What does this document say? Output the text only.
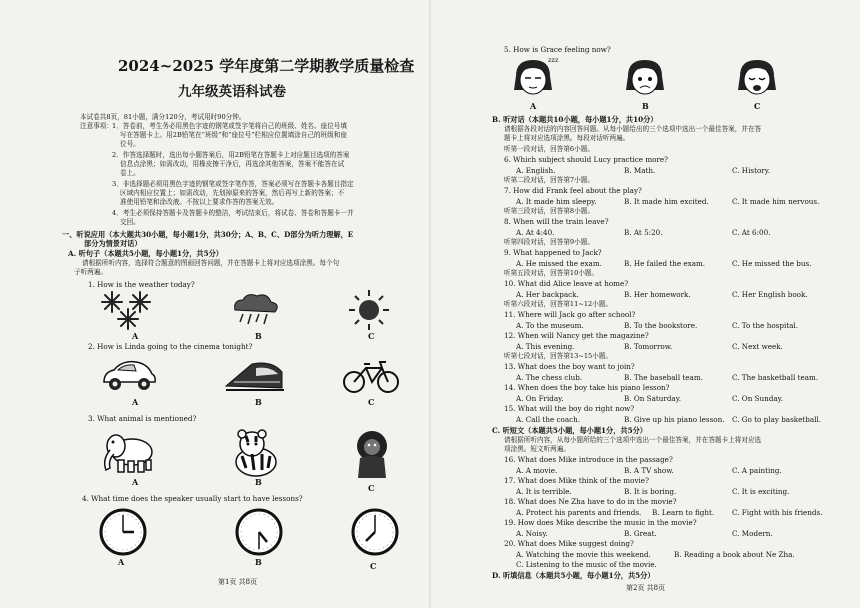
2024~2025 学年度第二学期教学质量检查
九年级英语科试卷
本试卷共8页，81小题，满分120分，考试用时90分钟。
注意事项： 1．答卷前，考生务必用黑色字迹的钢笔或签字笔将自己的班级、姓名、座位号填
写在答题卡上。用2B铅笔在“班级”和“座位号”栏相应位置填涂自己的班级和座
位号。
2．作答选择题时，选出每小题答案后，用2B铅笔在答题卡上对应题目选项的答案
信息点涂黑；如需改动，用橡皮擦干净后，再选涂其他答案，答案不能答在试
卷上。
3．非选择题必须用黑色字迹的钢笔或签字笔作答，答案必须写在答题卡各题目指定
区域内相应位置上；如需改动，先划掉原来的答案，然后再写上新的答案；不
准使用铅笔和涂改液。不按以上要求作答的答案无效。
4．考生必须保持答题卡及答题卡的整洁，考试结束后，将试卷、答卷和答题卡一并
交回。
一、听说应用（本大题共30小题，每小题1分，共30分；A、B、C、D部分为听力理解，E
部分为情景对话）
A. 听句子（本题共5小题，每小题1分，共5分）
请根据所听内容，选择符合题意的图画回答问题，并在答题卡上将对应选项涂黑。每个句
子听两遍。
1. How is the weather today?
A	B	C
2. How is Linda going to the cinema tonight?
A	B	C
3. What animal is mentioned?
A	B
C
4. What time does the speaker usually start to have lessons?
A	B	C
第1页 共8页
5. How is Grace feeling now?
zzz
A	B	C
B. 听对话（本题共10小题，每小题1分，共10分）
请根据各段对话的内容回答问题。从每小题给出的三个选项中选出一个最佳答案，并在答
题卡上将对应选项涂黑。每段对话听两遍。
听第一段对话，回答第6小题。
6. Which subject should Lucy practice more?
A. English.	B. Math.	C. History.
听第二段对话，回答第7小题。
7. How did Frank feel about the play?
A. It made him sleepy.	B. It made him excited.	C. It made him nervous.
听第三段对话，回答第8小题。
8. When will the train leave?
A. At 4:40.	B. At 5:20.	C. At 6:00.
听第四段对话，回答第9小题。
9. What happened to Jack?
A. He missed the exam.	B. He failed the exam.	C. He missed the bus.
听第五段对话，回答第10小题。
10. What did Alice leave at home?
A. Her backpack.	B. Her homework.	C. Her English book.
听第六段对话，回答第11~12小题。
11. Where will Jack go after school?
A. To the museum.	B. To the bookstore.	C. To the hospital.
12. When will Nancy get the magazine?
A. This evening.	B. Tomorrow.	C. Next week.
听第七段对话，回答第13~15小题。
13. What does the boy want to join?
A. The chess club.	B. The baseball team.	C. The basketball team.
14. When does the boy take his piano lesson?
A. On Friday.	B. On Saturday.	C. On Sunday.
15. What will the boy do right now?
A. Call the coach.	B. Give up his piano lesson. C. Go to play basketball.
C. 听短文（本题共5小题，每小题1分，共5分）
请根据所听内容，从每小题所给的三个选项中选出一个最佳答案，并在答题卡上将对应选
项涂黑。短文听两遍。
16. What does Mike introduce in the passage?
A. A movie.	B. A TV show.	C. A painting.
17. What does Mike think of the movie?
A. It is terrible.	B. It is boring.	C. It is exciting.
18. What does Ne Zha have to do in the movie?
A. Protect his parents and friends. B. Learn to fight. C. Fight with his friends.
19. How does Mike describe the music in the movie?
A. Noisy.	B. Great.	C. Modern.
20. What does Mike suggest doing?
A. Watching the movie this weekend.	B. Reading a book about Ne Zha.
C. Listening to the music of the movie.
D. 听填信息（本题共5小题，每小题1分，共5分）
第2页 共8页
